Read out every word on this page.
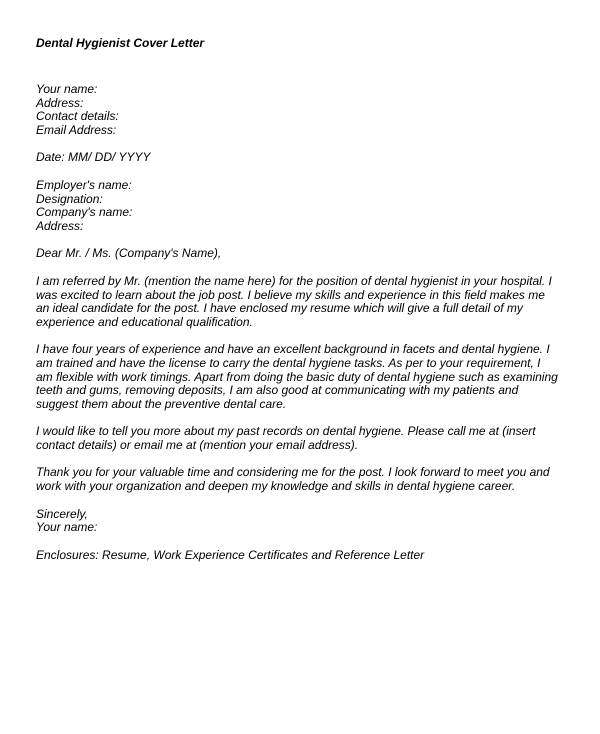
Dental Hygienist Cover Letter
Your name:
Address:
Contact details:
Email Address:
Date: MM/ DD/ YYYY
Employer's name:
Designation:
Company's name:
Address:
Dear Mr. / Ms. (Company's Name),
I am referred by Mr. (mention the name here) for the position of dental hygienist in your hospital. I
was excited to learn about the job post. I believe my skills and experience in this field makes me
an ideal candidate for the post. I have enclosed my resume which will give a full detail of my
experience and educational qualification.
I have four years of experience and have an excellent background in facets and dental hygiene. I
am trained and have the license to carry the dental hygiene tasks. As per to your requirement, I
am flexible with work timings. Apart from doing the basic duty of dental hygiene such as examining
teeth and gums, removing deposits, I am also good at communicating with my patients and
suggest them about the preventive dental care.
I would like to tell you more about my past records on dental hygiene. Please call me at (insert
contact details) or email me at (mention your email address).
Thank you for your valuable time and considering me for the post. I look forward to meet you and
work with your organization and deepen my knowledge and skills in dental hygiene career.
Sincerely,
Your name:
Enclosures: Resume, Work Experience Certificates and Reference Letter
